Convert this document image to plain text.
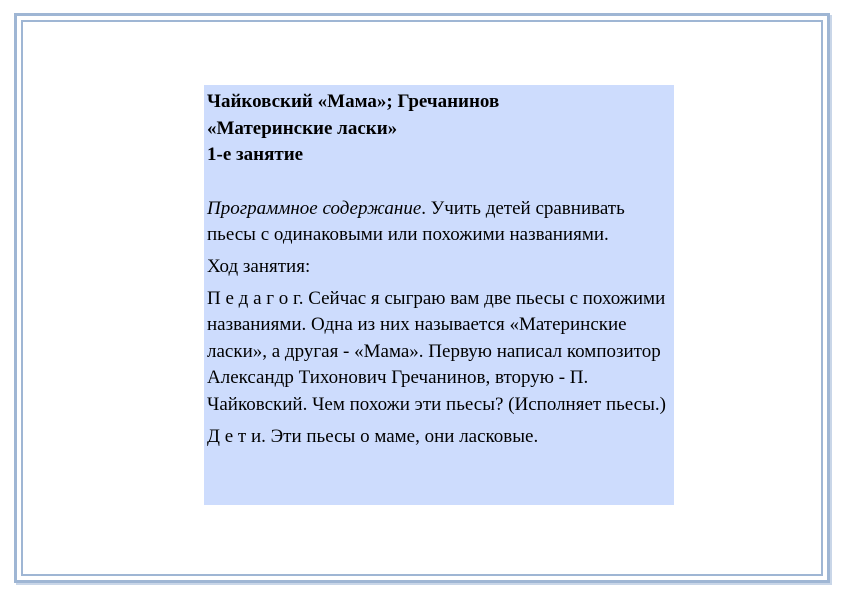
Чайковский «Мама»; Гречанинов
«Материнские ласки»
1-е занятие

Программное содержание. Учить детей сравнивать пьесы с одинаковыми или похожими названиями.

Ход занятия:

П е д а г о г. Сейчас я сыграю вам две пьесы с похожими названиями. Одна из них называется «Материнские ласки», а другая - «Мама». Первую написал композитор Александр Тихонович Гречанинов, вторую - П. Чайковский. Чем похожи эти пьесы? (Исполняет пьесы.)

Д е т и. Эти пьесы о маме, они ласковые.
